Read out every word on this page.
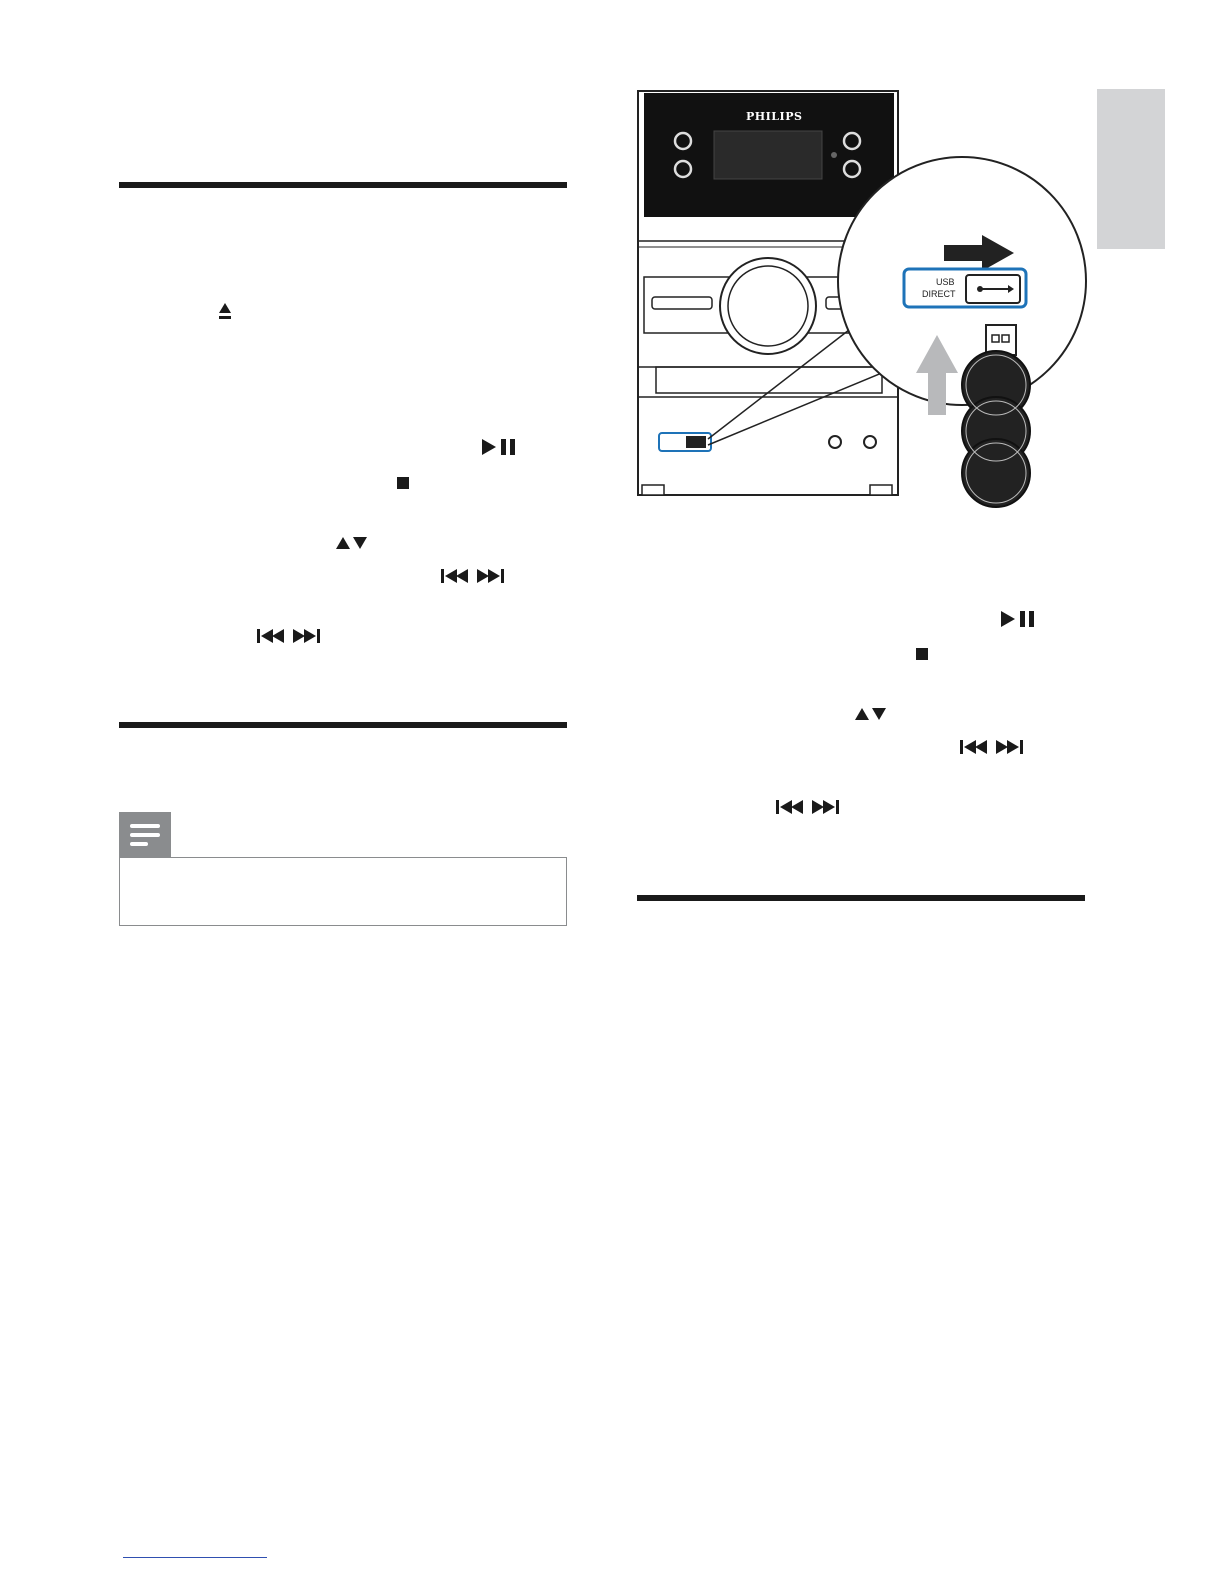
PHILIPS
USB
DIRECT
